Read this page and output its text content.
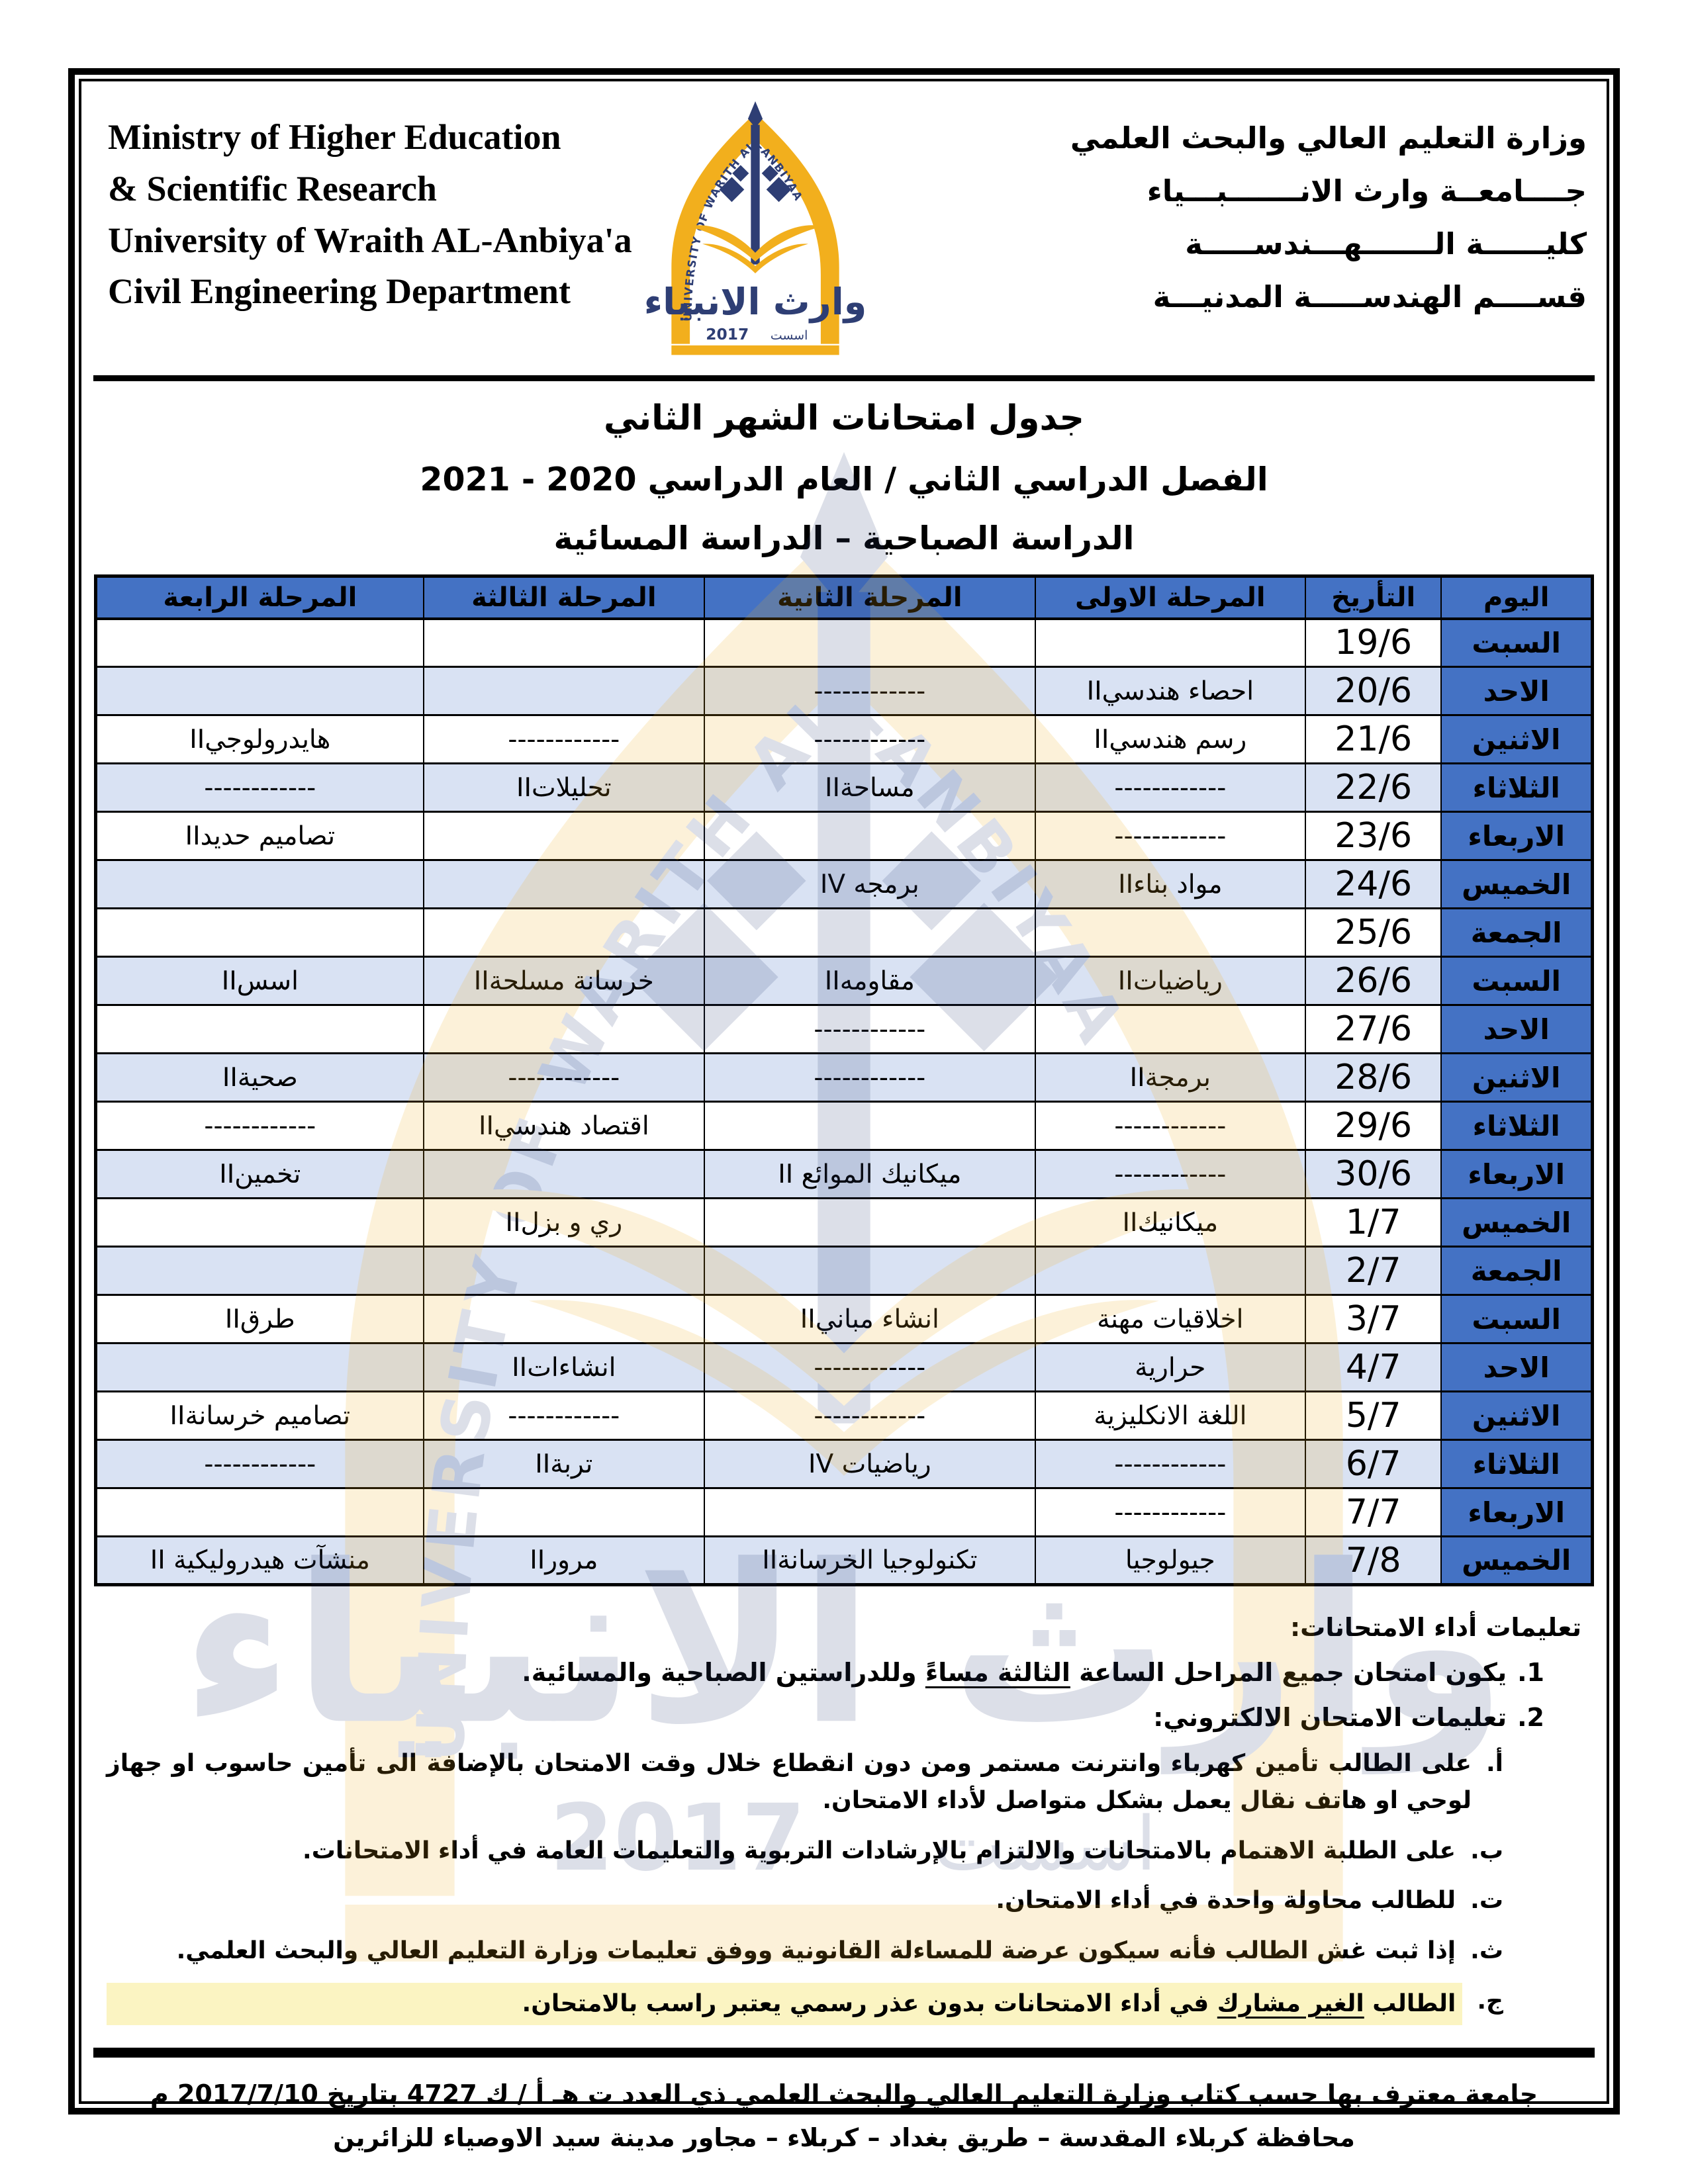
Ministry of Higher Education
& Scientific Research
University of Wraith AL-Anbiya'a
Civil Engineering Department
وزارة التعليم العالي والبحث العلمي
جــــامعــة وارث الانـــــــبـــياء
كليــــــة الـــــــهـــندســـــة
قســــم الهندســـــة المدنيـــة
جدول امتحانات الشهر الثاني
الفصل الدراسي الثاني / العام الدراسي 2020 - 2021
الدراسة الصباحية – الدراسة المسائية
اليوم	التأريخ	المرحلة الاولى	المرحلة الثانية	المرحلة الثالثة	المرحلة الرابعة
السبت	19/6				
الاحد	20/6	احصاء هندسيII	------------		
الاثنين	21/6	رسم هندسيII	------------	------------	هايدرولوجيII
الثلاثاء	22/6	------------	مساحةII	تحليلاتII	------------
الاربعاء	23/6	------------			تصاميم حديدII
الخميس	24/6	مواد بناءII	برمجه IV		
الجمعة	25/6				
السبت	26/6	رياضياتII	مقاومهII	خرسانة مسلحةII	اسسII
الاحد	27/6		------------		
الاثنين	28/6	برمجةII	------------	------------	صحيةII
الثلاثاء	29/6	------------		اقتصاد هندسيII	------------
الاربعاء	30/6	------------	ميكانيك الموائع II		تخمينII
الخميس	1/7	ميكانيكII		ري و بزلII	
الجمعة	2/7				
السبت	3/7	اخلاقيات مهنة	انشاء مبانيII		طرقII
الاحد	4/7	حرارية	------------	انشاءاتII	
الاثنين	5/7	اللغة الانكليزية	------------	------------	تصاميم خرسانةII
الثلاثاء	6/7	------------	رياضيات IV	تربةII	------------
الاربعاء	7/7	------------			
الخميس	7/8	جيولوجيا	تكنولوجيا الخرسانةII	مرورII	منشآت هيدروليكية II
تعليمات أداء الامتحانات:
1.
يكون امتحان جميع المراحل الساعة الثالثة مساءً وللدراستين الصباحية والمسائية.
2.
تعليمات الامتحان الالكتروني:
أ.
على الطالب تأمين كهرباء وانترنت مستمر ومن دون انقطاع خلال وقت الامتحان بالإضافة الى تأمين حاسوب او جهاز لوحي او هاتف نقال يعمل بشكل متواصل لأداء الامتحان.
ب.
على الطلبة الاهتمام بالامتحانات والالتزام بالإرشادات التربوية والتعليمات العامة في أداء الامتحانات.
ت.
للطالب محاولة واحدة في أداء الامتحان.
ث.
إذا ثبت غش الطالب فأنه سيكون عرضة للمساءلة القانونية ووفق تعليمات وزارة التعليم العالي والبحث العلمي.
ج.
الطالب الغير مشارك في أداء الامتحانات بدون عذر رسمي يعتبر راسب بالامتحان.
جامعة معترف بها حسب كتاب وزارة التعليم العالي والبحث العلمي ذي العدد ت هـ أ / ك 4727 بتاريخ 2017/7/10 م
محافظة كربلاء المقدسة – طريق بغداد – كربلاء – مجاور مدينة سيد الاوصياء للزائرين
